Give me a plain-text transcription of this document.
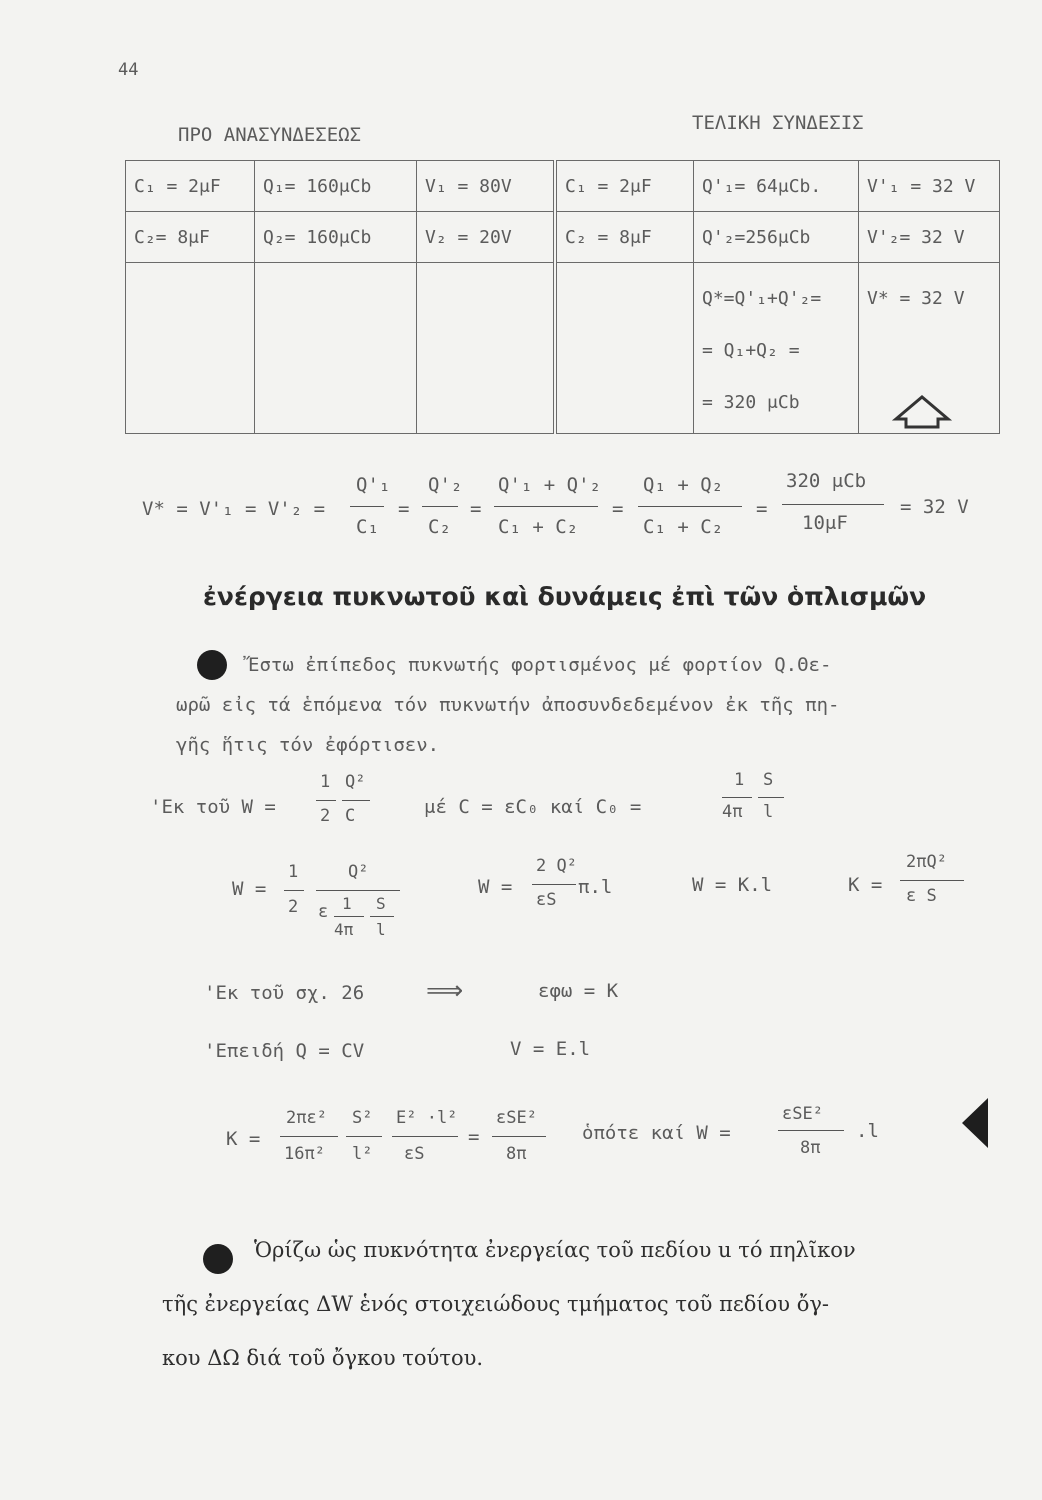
44
ΠΡΟ ΑΝΑΣΥΝΔΕΣΕΩΣ
ΤΕΛΙΚΗ ΣΥΝΔΕΣΙΣ
C₁ = 2μF	Q₁= 160μCb	V₁ = 80V	C₁ = 2μF	Q'₁= 64μCb.	V'₁ = 32 V
C₂= 8μF	Q₂= 160μCb	V₂ = 20V	C₂ = 8μF	Q'₂=256μCb	V'₂= 32 V

				Q*=Q'₁+Q'₂=
= Q₁+Q₂ =
= 320 μCb	V* = 32 V
V* = V'₁ = V'₂ =
Q'₁
C₁
=
Q'₂
C₂
=
Q'₁ + Q'₂
C₁ + C₂
=
Q₁ + Q₂
C₁ + C₂
=
320 μCb
10μF
= 32 V
ἐνέργεια πυκνωτοῦ καὶ δυνάμεις ἐπὶ τῶν ὁπλισμῶν
Ἔστω ἐπίπεδος πυκνωτής φορτισμένος μέ φορτίον Q.Θε-
ωρῶ εἰς τά ἑπόμενα τόν πυκνωτήν ἀποσυνδεδεμένον ἐκ τῆς πη-
γῆς ἥτις τόν ἐφόρτισεν.
'Εκ τοῦ W =
1
2
Q²
C	μέ C = εC₀ καί C₀ =
1
4π
S
l
W =
1
2
Q²
ε 1
4π
S
l
W =
2 Q²
εS
π.l	W = K.l	K =
2πQ²
ε S
'Εκ τοῦ σχ. 26 ⟹	εφω = K
'Επειδή Q = CV	V = E.l
K =
2πε²
16π²
S²
l²
E² ·l²
εS
=
εSE²
8π
ὁπότε καί W =
εSE²
8π
.l
Ὁρίζω ὡς πυκνότητα ἐνεργείας τοῦ πεδίου u τό πηλῖκον
τῆς ἐνεργείας ΔW ἑνός στοιχειώδους τμήματος τοῦ πεδίου ὄγ-
κου ΔΩ διά τοῦ ὄγκου τούτου.
